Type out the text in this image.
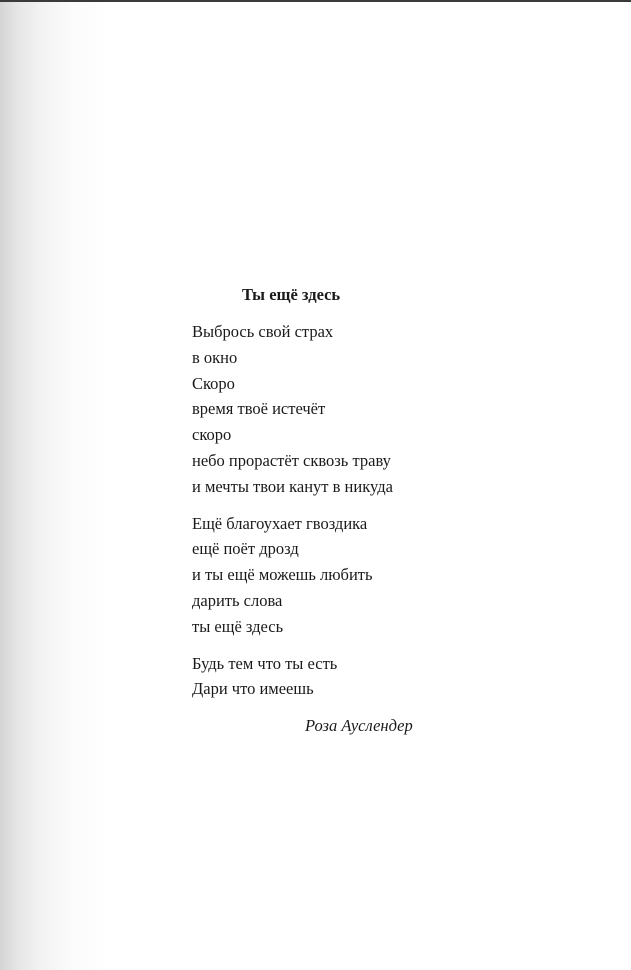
Ты ещё здесь
Выбрось свой страх
в окно
Скоро
время твоё истечёт
скоро
небо прорастёт сквозь траву
и мечты твои канут в никуда
Ещё благоухает гвоздика
ещё поёт дрозд
и ты ещё можешь любить
дарить слова
ты ещё здесь
Будь тем что ты есть
Дари что имеешь
Роза Ауслендер
